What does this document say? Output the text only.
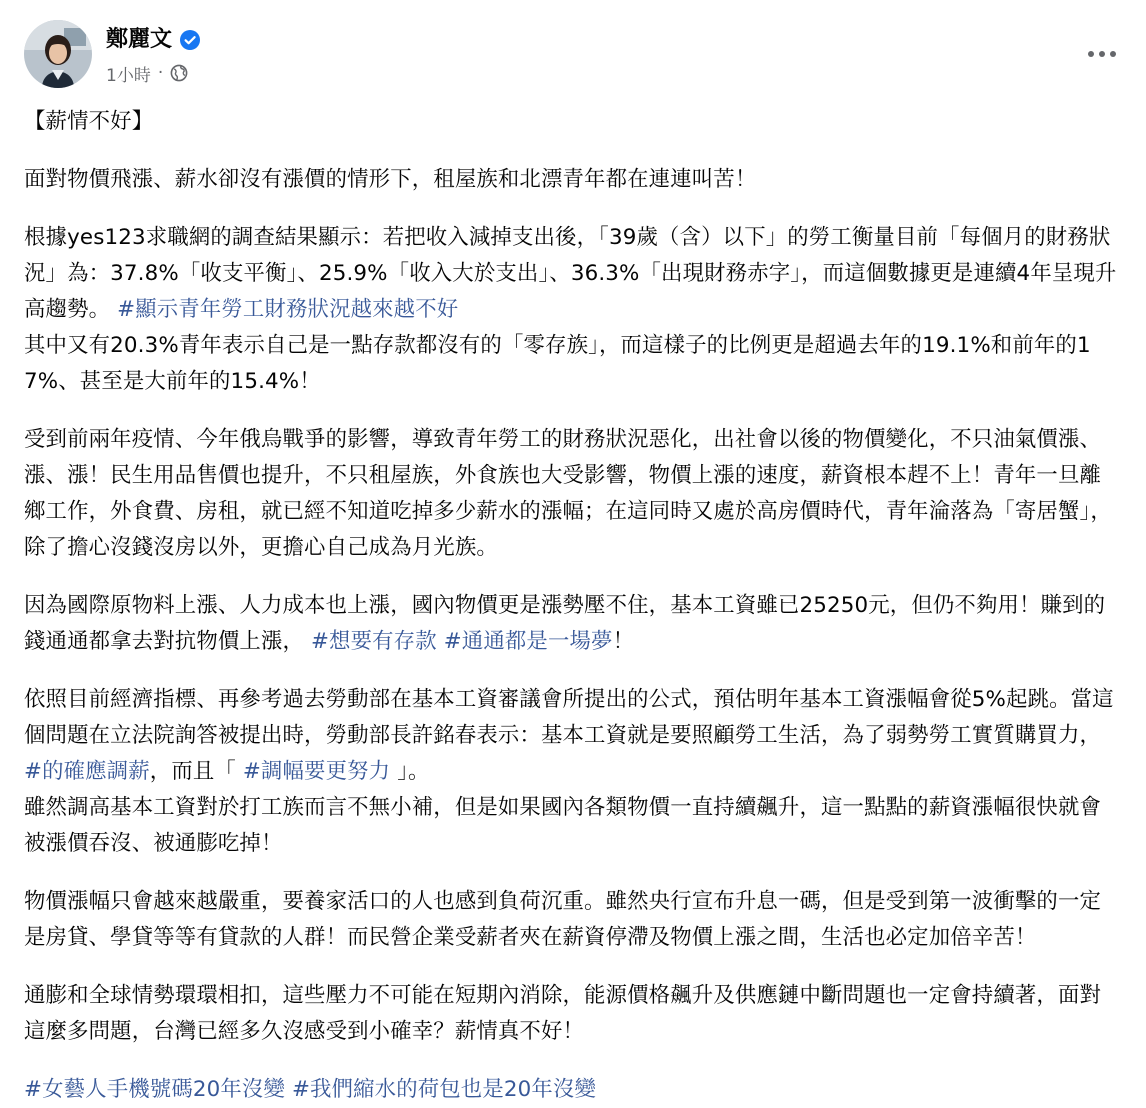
鄭麗文
1小時 ·

【薪情不好】

面對物價飛漲、薪水卻沒有漲價的情形下，租屋族和北漂青年都在連連叫苦！

根據yes123求職網的調查結果顯示：若把收入減掉支出後，「39歲（含）以下」的勞工衡量目前「每個月的財務狀況」為：37.8%「收支平衡」、25.9%「收入大於支出」、36.3%「出現財務赤字」，而這個數據更是連續4年呈現升高趨勢。 #顯示青年勞工財務狀況越來越不好
其中又有20.3%青年表示自己是一點存款都沒有的「零存族」，而這樣子的比例更是超過去年的19.1%和前年的17%、甚至是大前年的15.4%！

受到前兩年疫情、今年俄烏戰爭的影響，導致青年勞工的財務狀況惡化，出社會以後的物價變化，不只油氣價漲、漲、漲！民生用品售價也提升，不只租屋族，外食族也大受影響，物價上漲的速度，薪資根本趕不上！青年一旦離鄉工作，外食費、房租，就已經不知道吃掉多少薪水的漲幅；在這同時又處於高房價時代，青年淪落為「寄居蟹」，除了擔心沒錢沒房以外，更擔心自己成為月光族。

因為國際原物料上漲、人力成本也上漲，國內物價更是漲勢壓不住，基本工資雖已25250元，但仍不夠用！賺到的錢通通都拿去對抗物價上漲， #想要有存款 #通通都是一場夢！
依照目前經濟指標、再參考過去勞動部在基本工資審議會所提出的公式，預估明年基本工資漲幅會從5%起跳。當這個問題在立法院詢答被提出時，勞動部長許銘春表示：基本工資就是要照顧勞工生活，為了弱勢勞工實質購買力， #的確應調薪，而且「 #調幅要更努力 」。
雖然調高基本工資對於打工族而言不無小補，但是如果國內各類物價一直持續飆升，這一點點的薪資漲幅很快就會被漲價吞沒、被通膨吃掉！

物價漲幅只會越來越嚴重，要養家活口的人也感到負荷沉重。雖然央行宣布升息一碼，但是受到第一波衝擊的一定是房貸、學貸等等有貸款的人群！而民營企業受薪者夾在薪資停滯及物價上漲之間，生活也必定加倍辛苦！

通膨和全球情勢環環相扣，這些壓力不可能在短期內消除，能源價格飆升及供應鏈中斷問題也一定會持續著，面對這麼多問題，台灣已經多久沒感受到小確幸？薪情真不好！

#女藝人手機號碼20年沒變 #我們縮水的荷包也是20年沒變
